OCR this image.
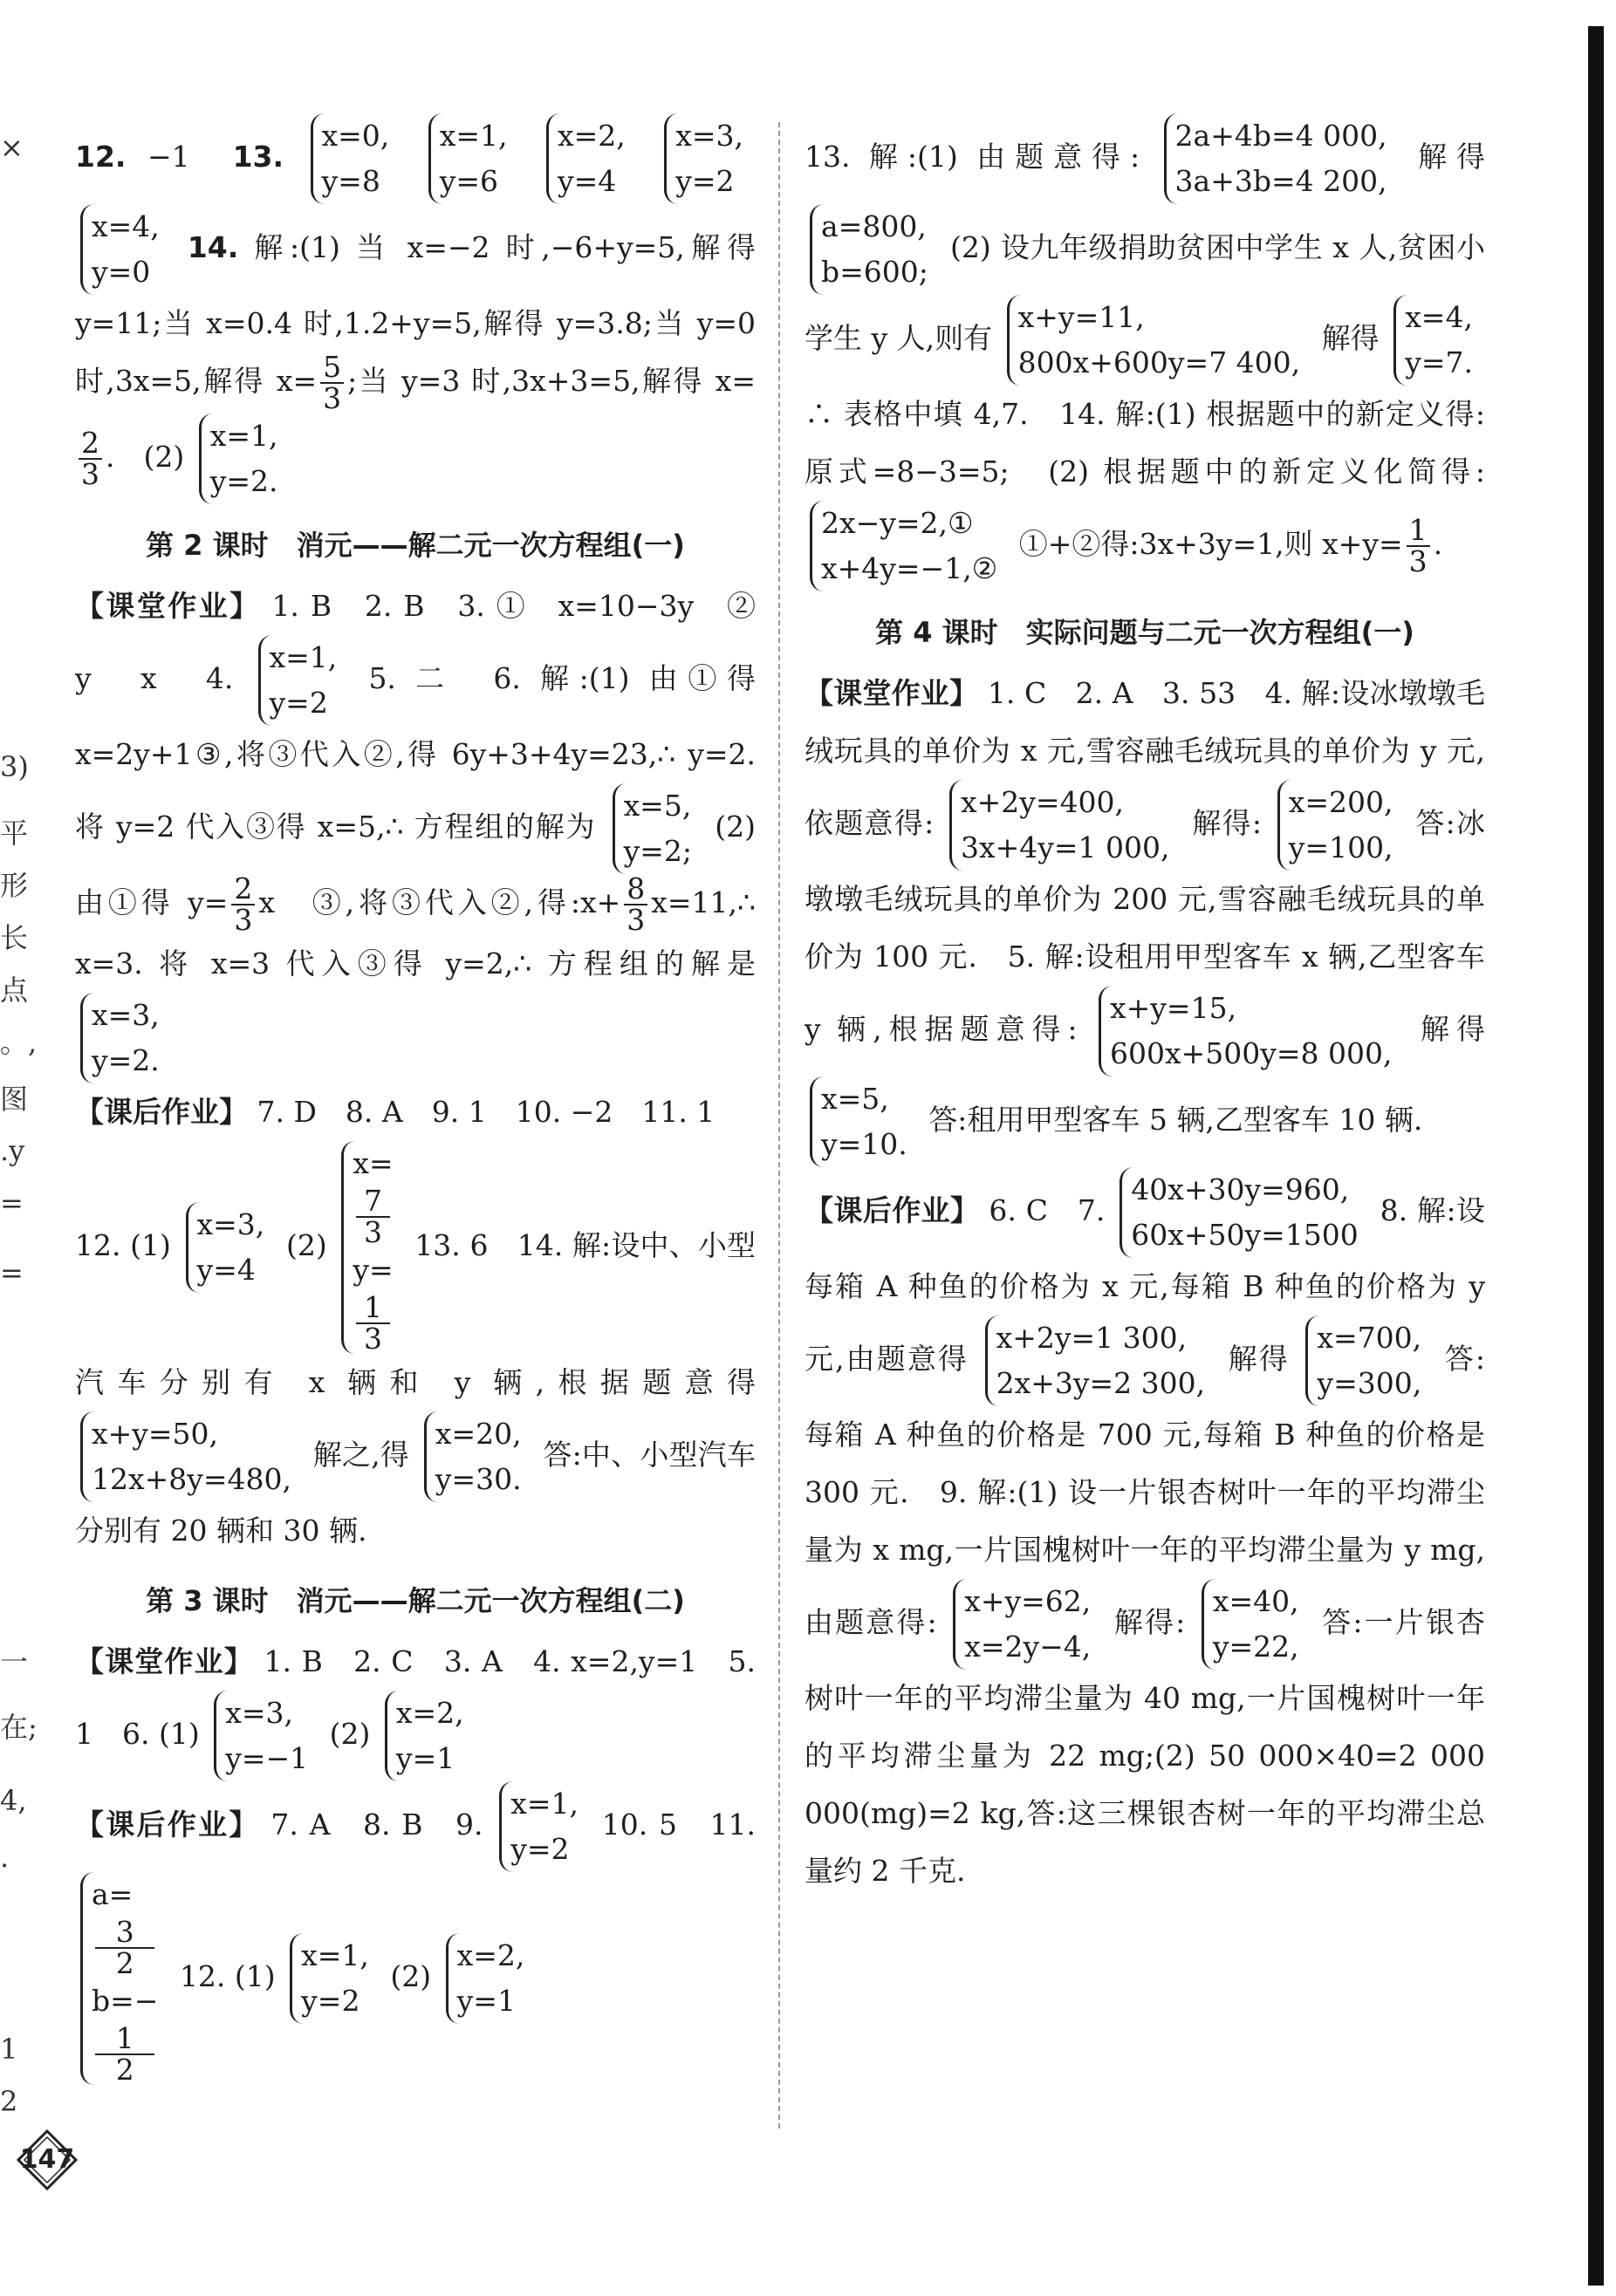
×
3)
平
形
长
点
。,
图
.y
=
=
一
在;
4,
.
1
2

12. −1 13.
x=0,
y=8

x=1,
y=6

x=2,
y=4

x=3,
y=2

x=4,
y=0
14. 解:(1) 当 x=−2 时,−6+y=5,解得 y=11;当 x=0.4 时,1.2+y=5,解得 y=3.8;当 y=0 时,3x=5,解得 $x= \frac{5}{3}$ ;当 y=3 时,3x+3=5,解得 x=
$\frac{2}{3}$ .　(2)
x=1,
y=2.

第 2 课时　消元——解二元一次方程组(一)

【课堂作业】 1. B　2. B　3. ①　x=10−3y　②　y　x　4.
x=1,
y=2
5. 二　6. 解:(1) 由①得 x=2y+1③,将③代入②,得 6y+3+4y=23,∴ y=2. 将 y=2 代入③得 x=5,∴ 方程组的解为
x=5,
y=2;
(2) 由①得 $y= \frac{2}{3}$ x　③,将③代入②,得:x+ $\frac{8}{3}$ x=11,∴ x=3. 将 x=3 代入③得 y=2,∴ 方程组的解是
x=3,
y=2.

【课后作业】 7. D　8. A　9. 1　10. −2　11. 1
12. (1)
x=3,
y=4
(2)
x=
7
3
y=
1
3
13. 6　14. 解:设中、小型汽车分别有 x 辆和 y 辆,根据题意得
x+y=50,
12x+8y=480,
解之,得
x=20,
y=30.
答:中、小型汽车分别有 20 辆和 30 辆.

第 3 课时　消元——解二元一次方程组(二)

【课堂作业】 1. B　2. C　3. A　4. x=2,y=1　5. 1　6. (1)
x=3,
y=−1
(2)
x=2,
y=1

【课后作业】 7. A　8. B　9.
x=1,
y=2
10. 5　11.
a=
3
2
b=−
1
2
12. (1)
x=1,
y=2
(2)
x=2,
y=1

13. 解:(1) 由题意得:
2a+4b=4 000,
3a+3b=4 200,
解得
a=800,
b=600;
(2) 设九年级捐助贫困中学生 x 人,贫困小学生 y 人,则有
x+y=11,
800x+600y=7 400,
解得
x=4,
y=7.
∴ 表格中填 4,7.　14. 解:(1) 根据题中的新定义得:原式=8−3=5;　(2) 根据题中的新定义化简得:
2x−y=2,①
x+4y=−1,②
①+②得:3x+3y=1,则 $x+y= \frac{1}{3}$ .

第 4 课时　实际问题与二元一次方程组(一)

【课堂作业】 1. C　2. A　3. 53　4. 解:设冰墩墩毛绒玩具的单价为 x 元,雪容融毛绒玩具的单价为 y 元,依题意得:
x+2y=400,
3x+4y=1 000,
解得:
x=200,
y=100,
答:冰墩墩毛绒玩具的单价为 200 元,雪容融毛绒玩具的单价为 100 元.　5. 解:设租用甲型客车 x 辆,乙型客车 y 辆,根据题意得:
x+y=15,
600x+500y=8 000,
解得
x=5,
y=10.
答:租用甲型客车 5 辆,乙型客车 10 辆.

【课后作业】 6. C　7.
40x+30y=960,
60x+50y=1500
8. 解:设每箱 A 种鱼的价格为 x 元,每箱 B 种鱼的价格为 y 元,由题意得
x+2y=1 300,
2x+3y=2 300,
解得
x=700,
y=300,
答:每箱 A 种鱼的价格是 700 元,每箱 B 种鱼的价格是 300 元.　9. 解:(1) 设一片银杏树叶一年的平均滞尘量为 x mg,一片国槐树叶一年的平均滞尘量为 y mg,由题意得:
x+y=62,
x=2y−4,
解得:
x=40,
y=22,
答:一片银杏树叶一年的平均滞尘量为 40 mg,一片国槐树叶一年的平均滞尘量为 22 mg;(2) 50 000×40=2 000 000(mg)=2 kg,答:这三棵银杏树一年的平均滞尘总量约 2 千克.

147
